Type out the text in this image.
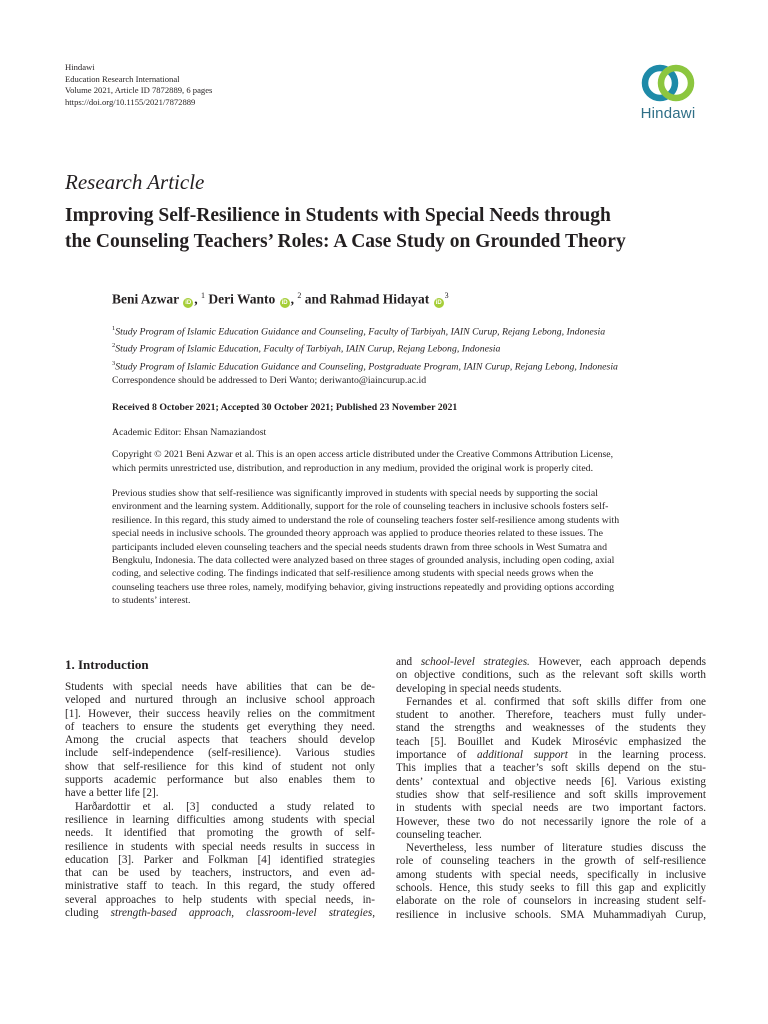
Hindawi
Education Research International
Volume 2021, Article ID 7872889, 6 pages
https://doi.org/10.1155/2021/7872889
Hindawi
Research Article
Improving Self-Resilience in Students with Special Needs through
the Counseling Teachers’ Roles: A Case Study on Grounded Theory
Beni Azwar iD , $^1$ Deri Wanto iD , $^2$ and Rahmad Hidayat $iD^3$
$^1$Study Program of Islamic Education Guidance and Counseling, Faculty of Tarbiyah, IAIN Curup, Rejang Lebong, Indonesia
$^2$Study Program of Islamic Education, Faculty of Tarbiyah, IAIN Curup, Rejang Lebong, Indonesia
$^3$Study Program of Islamic Education Guidance and Counseling, Postgraduate Program, IAIN Curup, Rejang Lebong, Indonesia
Correspondence should be addressed to Deri Wanto; deriwanto@iaincurup.ac.id
Received 8 October 2021; Accepted 30 October 2021; Published 23 November 2021
Academic Editor: Ehsan Namaziandost
Copyright © 2021 Beni Azwar et al. This is an open access article distributed under the Creative Commons Attribution License,
which permits unrestricted use, distribution, and reproduction in any medium, provided the original work is properly cited.
Previous studies show that self-resilience was significantly improved in students with special needs by supporting the social
environment and the learning system. Additionally, support for the role of counseling teachers in inclusive schools fosters self-
resilience. In this regard, this study aimed to understand the role of counseling teachers foster self-resilience among students with
special needs in inclusive schools. The grounded theory approach was applied to produce theories related to these issues. The
participants included eleven counseling teachers and the special needs students drawn from three schools in West Sumatra and
Bengkulu, Indonesia. The data collected were analyzed based on three stages of grounded analysis, including open coding, axial
coding, and selective coding. The findings indicated that self-resilience among students with special needs grows when the
counseling teachers use three roles, namely, modifying behavior, giving instructions repeatedly and providing options according
to students’ interest.
1. Introduction
Students with special needs have abilities that can be de-
veloped and nurtured through an inclusive school approach
[1]. However, their success heavily relies on the commitment
of teachers to ensure the students get everything they need.
Among the crucial aspects that teachers should develop
include self-independence (self-resilience). Various studies
show that self-resilience for this kind of student not only
supports academic performance but also enables them to
have a better life [2].
Harðardottir et al. [3] conducted a study related to
resilience in learning difficulties among students with special
needs. It identified that promoting the growth of self-
resilience in students with special needs results in success in
education [3]. Parker and Folkman [4] identified strategies
that can be used by teachers, instructors, and even ad-
ministrative staff to teach. In this regard, the study offered
several approaches to help students with special needs, in-
cluding strength-based approach, classroom-level strategies,
and school-level strategies. However, each approach depends
on objective conditions, such as the relevant soft skills worth
developing in special needs students.
Fernandes et al. confirmed that soft skills differ from one
student to another. Therefore, teachers must fully under-
stand the strengths and weaknesses of the students they
teach [5]. Bouillet and Kudek Mirosévic emphasized the
importance of additional support in the learning process.
This implies that a teacher’s soft skills depend on the stu-
dents’ contextual and objective needs [6]. Various existing
studies show that self-resilience and soft skills improvement
in students with special needs are two important factors.
However, these two do not necessarily ignore the role of a
counseling teacher.
Nevertheless, less number of literature studies discuss the
role of counseling teachers in the growth of self-resilience
among students with special needs, specifically in inclusive
schools. Hence, this study seeks to fill this gap and explicitly
elaborate on the role of counselors in increasing student self-
resilience in inclusive schools. SMA Muhammadiyah Curup,
